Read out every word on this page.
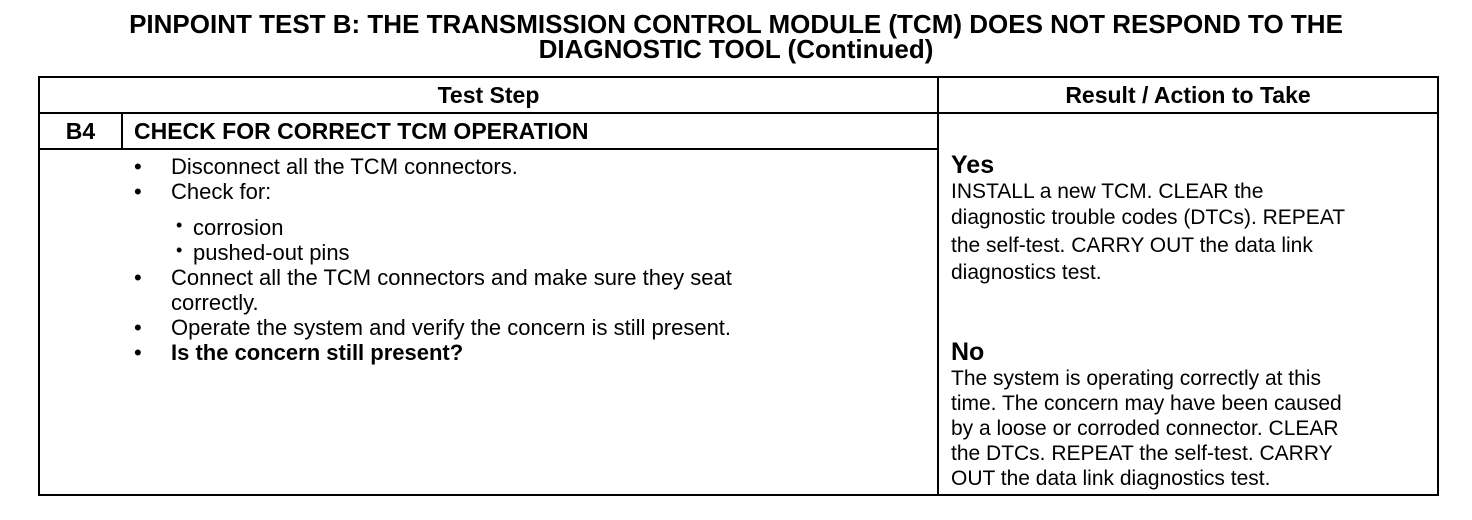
PINPOINT TEST B: THE TRANSMISSION CONTROL MODULE (TCM) DOES NOT RESPOND TO THE
DIAGNOSTIC TOOL (Continued)
Test Step	Result / Action to Take
B4	CHECK FOR CORRECT TCM OPERATION
• Disconnect all the TCM connectors.
• Check for:
• corrosion
• pushed-out pins
• Connect all the TCM connectors and make sure they seat
correctly.
• Operate the system and verify the concern is still present.
• Is the concern still present?
Yes
INSTALL a new TCM. CLEAR the
diagnostic trouble codes (DTCs). REPEAT
the self-test. CARRY OUT the data link
diagnostics test.
No
The system is operating correctly at this
time. The concern may have been caused
by a loose or corroded connector. CLEAR
the DTCs. REPEAT the self-test. CARRY
OUT the data link diagnostics test.
